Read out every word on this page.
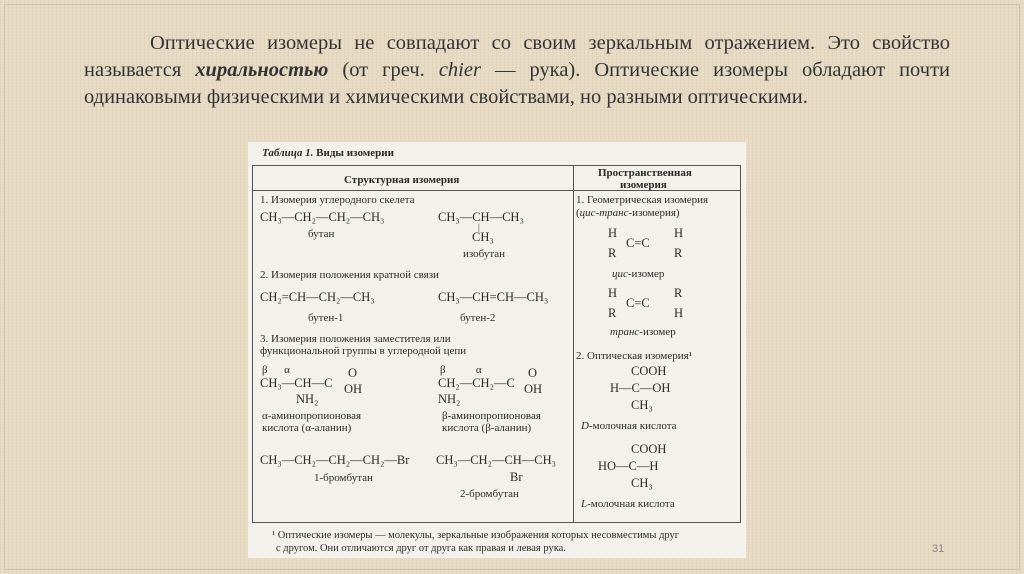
Оптические изомеры не совпадают со своим зеркальным отражением. Это свойство называется хиральностью (от греч. chier — рука). Оптические изомеры обладают почти одинаковыми физическими и химическими свойствами, но разными оптическими.

Таблица 1. Виды изомерии
Структурная изомерия
Пространственная
изомерия
1. Изомерия углеродного скелета
CH₃—CH₂—CH₂—CH₃
бутан
CH₃—CH—CH₃
|
CH₃
изобутан
2. Изомерия положения кратной связи
CH₂=CH—CH₂—CH₃
бутен-1
CH₃—CH=CH—CH₃
бутен-2
3. Изомерия положения заместителя или
функциональной группы в углеродной цепи
β      α
CH₃—CH—C
O
OH
NH₂
α-аминопропионовая
кислота (α-аланин)
β           α
CH₂—CH₂—C
O
OH
NH₂
β-аминопропионовая
кислота (β-аланин)
CH₃—CH₂—CH₂—CH₂—Br
1-бромбутан
CH₃—CH₂—CH—CH₃
Br
2-бромбутан
1. Геометрическая изомерия
(цис-транс-изомерия)
H	H
C=C
R	R
цис-изомер
H	R
C=C
R	H
транс-изомер
2. Оптическая изомерия¹
COOH
H—C—OH
CH₃
D-молочная кислота
COOH
HO—C—H
CH₃
L-молочная кислота
¹ Оптические изомеры — молекулы, зеркальные изображения которых несовместимы друг
с другом. Они отличаются друг от друга как правая и левая рука.	31
